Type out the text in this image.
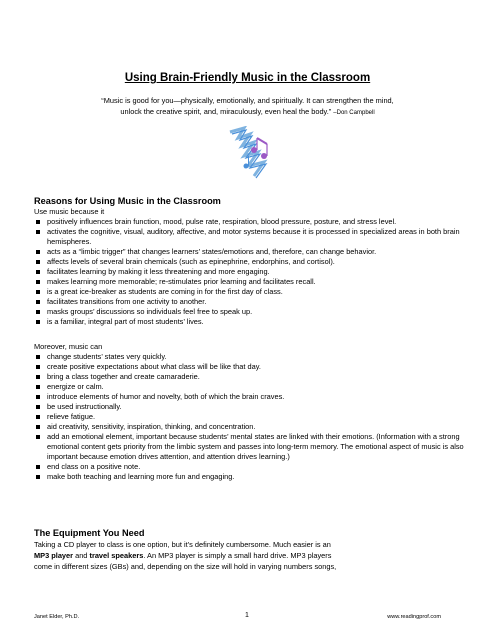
Using Brain-Friendly Music in the Classroom
“Music is good for you—physically, emotionally, and spiritually. It can strengthen the mind,
unlock the creative spirit, and, miraculously, even heal the body.” –Don Campbell
Reasons for Using Music in the Classroom

Use music because it

positively influences brain function, mood, pulse rate, respiration, blood pressure, posture, and stress level.
activates the cognitive, visual, auditory, affective, and motor systems because it is processed in specialized areas in both brain hemispheres.
acts as a “limbic trigger” that changes learners’ states/emotions and, therefore, can change behavior.
affects levels of several brain chemicals (such as epinephrine, endorphins, and cortisol).
facilitates learning by making it less threatening and more engaging.
makes learning more memorable; re-stimulates prior learning and facilitates recall.
is a great ice-breaker as students are coming in for the first day of class.
facilitates transitions from one activity to another.
masks groups’ discussions so individuals feel free to speak up.
is a familiar, integral part of most students’ lives.

Moreover, music can

change students’ states very quickly.
create positive expectations about what class will be like that day.
bring a class together and create camaraderie.
energize or calm.
introduce elements of humor and novelty, both of which the brain craves.
be used instructionally.
relieve fatigue.
aid creativity, sensitivity, inspiration, thinking, and concentration.
add an emotional element, important because students’ mental states are linked with their emotions. (Information with a strong emotional content gets priority from the limbic system and passes into long-term memory. The emotional aspect of music is also important because emotion drives attention, and attention drives learning.)
end class on a positive note.
make both teaching and learning more fun and engaging.
The Equipment You Need

Taking a CD player to class is one option, but it’s definitely cumbersome. Much easier is an
MP3 player and travel speakers. An MP3 player is simply a small hard drive. MP3 players
come in different sizes (GBs) and, depending on the size will hold in varying numbers songs,

Janet Elder, Ph.D.	1	www.readingprof.com
